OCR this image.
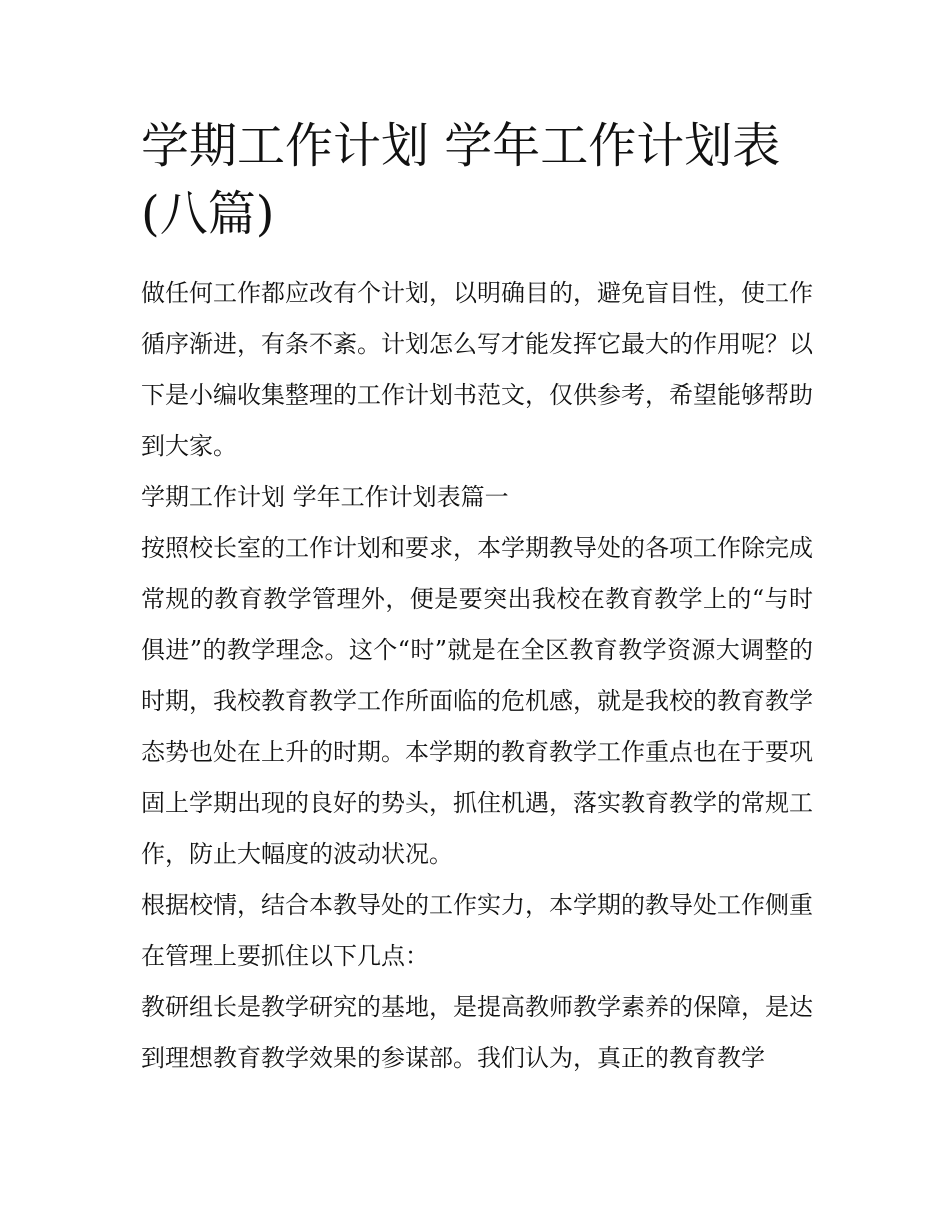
学期工作计划 学年工作计划表(八篇)

做任何工作都应改有个计划，以明确目的，避免盲目性，使工作循序渐进，有条不紊。计划怎么写才能发挥它最大的作用呢？以下是小编收集整理的工作计划书范文，仅供参考，希望能够帮助到大家。

学期工作计划 学年工作计划表篇一

按照校长室的工作计划和要求，本学期教导处的各项工作除完成常规的教育教学管理外，便是要突出我校在教育教学上的“与时俱进”的教学理念。这个“时”就是在全区教育教学资源大调整的时期，我校教育教学工作所面临的危机感，就是我校的教育教学态势也处在上升的时期。本学期的教育教学工作重点也在于要巩固上学期出现的良好的势头，抓住机遇，落实教育教学的常规工作，防止大幅度的波动状况。

根据校情，结合本教导处的工作实力，本学期的教导处工作侧重在管理上要抓住以下几点：

教研组长是教学研究的基地，是提高教师教学素养的保障，是达到理想教育教学效果的参谋部。我们认为，真正的教育教学
